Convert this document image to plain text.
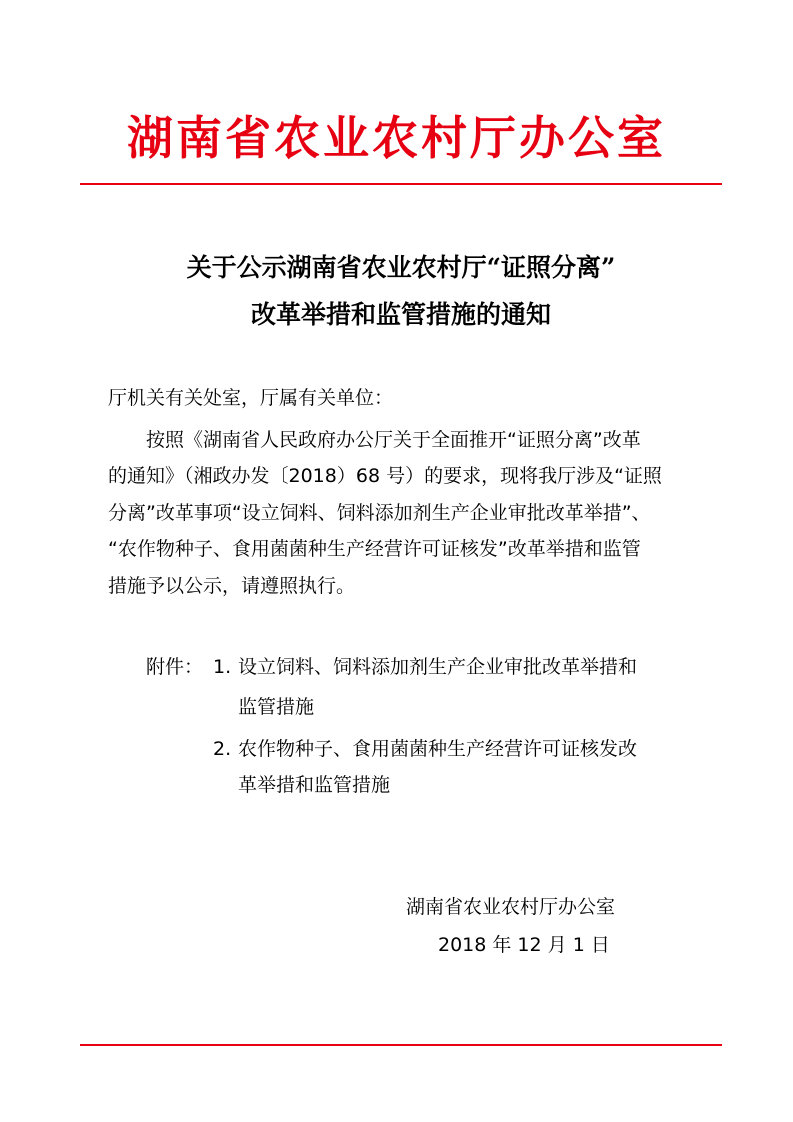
湖南省农业农村厅办公室
关于公示湖南省农业农村厅“证照分离”
改革举措和监管措施的通知
厅机关有关处室，厅属有关单位：
按照《湖南省人民政府办公厅关于全面推开“证照分离”改革
的通知》（湘政办发〔2018）68 号）的要求，现将我厅涉及“证照
分离”改革事项“设立饲料、饲料添加剂生产企业审批改革举措”、
“农作物种子、食用菌菌种生产经营许可证核发”改革举措和监管
措施予以公示，请遵照执行。
附件： 1. 设立饲料、饲料添加剂生产企业审批改革举措和
监管措施
2. 农作物种子、食用菌菌种生产经营许可证核发改
革举措和监管措施
湖南省农业农村厅办公室
2018 年 12 月 1 日
